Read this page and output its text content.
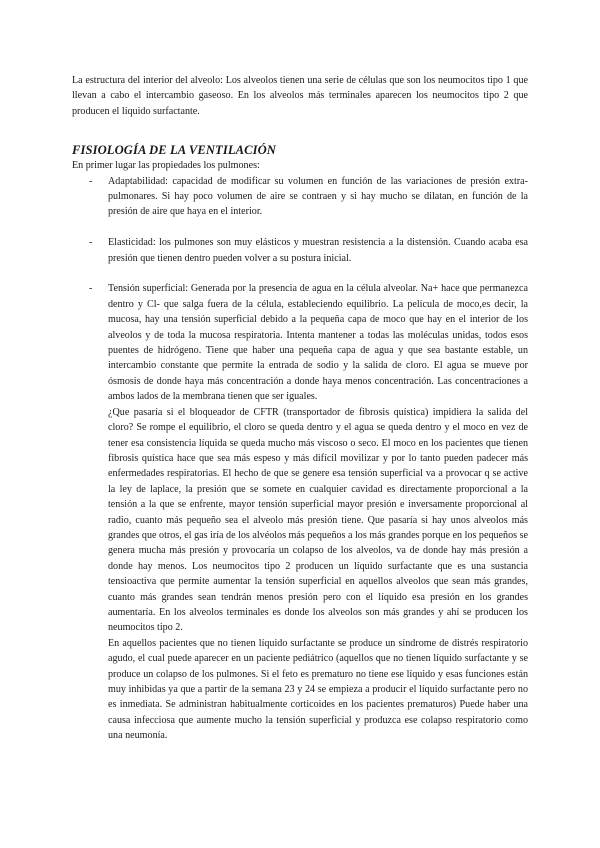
La estructura del interior del alveolo: Los alveolos tienen una serie de células que son los neumocitos tipo 1 que llevan a cabo el intercambio gaseoso. En los alveolos más terminales aparecen los neumocitos tipo 2 que producen el líquido surfactante.

FISIOLOGÍA DE LA VENTILACIÓN

En primer lugar las propiedades los pulmones:

- Adaptabilidad: capacidad de modificar su volumen en función de las variaciones de presión extra-pulmonares. Si hay poco volumen de aire se contraen y si hay mucho se dilatan, en función de la presión de aire que haya en el interior.

- Elasticidad: los pulmones son muy elásticos y muestran resistencia a la distensión. Cuando acaba esa presión que tienen dentro pueden volver a su postura inicial.

- Tensión superficial: Generada por la presencia de agua en la célula alveolar. Na+ hace que permanezca dentro y Cl- que salga fuera de la célula, estableciendo equilibrio. La película de moco,es decir, la mucosa, hay una tensión superficial debido a la pequeña capa de moco que hay en el interior de los alveolos y de toda la mucosa respiratoria. Intenta mantener a todas las moléculas unidas, todos esos puentes de hidrógeno. Tiene que haber una pequeña capa de agua y que sea bastante estable, un intercambio constante que permite la entrada de sodio y la salida de cloro. El agua se mueve por ósmosis de donde haya más concentración a donde haya menos concentración. Las concentraciones a ambos lados de la membrana tienen que ser iguales.

¿Que pasaría si el bloqueador de CFTR (transportador de fibrosis quística) impidiera la salida del cloro? Se rompe el equilibrio, el cloro se queda dentro y el agua se queda dentro y el moco en vez de tener esa consistencia líquida se queda mucho más viscoso o seco. El moco en los pacientes que tienen fibrosis quística hace que sea más espeso y más difícil movilizar y por lo tanto pueden padecer más enfermedades respiratorias. El hecho de que se genere esa tensión superficial va a provocar q se active la ley de laplace, la presión que se somete en cualquier cavidad es directamente proporcional a la tensión a la que se enfrente, mayor tensión superficial mayor presión e inversamente proporcional al radio, cuanto más pequeño sea el alveolo más presión tiene. Que pasaría si hay unos alveolos más grandes que otros, el gas iría de los alvéolos más pequeños a los más grandes porque en los pequeños se genera mucha más presión y provocaría un colapso de los alveolos, va de donde hay más presión a donde hay menos. Los neumocitos tipo 2 producen un líquido surfactante que es una sustancia tensioactiva que permite aumentar la tensión superficial en aquellos alveolos que sean más grandes, cuanto más grandes sean tendrán menos presión pero con el líquido esa presión en los grandes aumentaría. En los alveolos terminales es donde los alveolos son más grandes y ahí se producen los neumocitos tipo 2.

En aquellos pacientes que no tienen líquido surfactante se produce un síndrome de distrés respiratorio agudo, el cual puede aparecer en un paciente pediátrico (aquellos que no tienen líquido surfactante y se produce un colapso de los pulmones. Si el feto es prematuro no tiene ese líquido y esas funciones están muy inhibidas ya que a partir de la semana 23 y 24 se empieza a producir el líquido surfactante pero no es inmediata. Se administran habitualmente corticoides en los pacientes prematuros) Puede haber una causa infecciosa que aumente mucho la tensión superficial y produzca ese colapso respiratorio como una neumonía.
